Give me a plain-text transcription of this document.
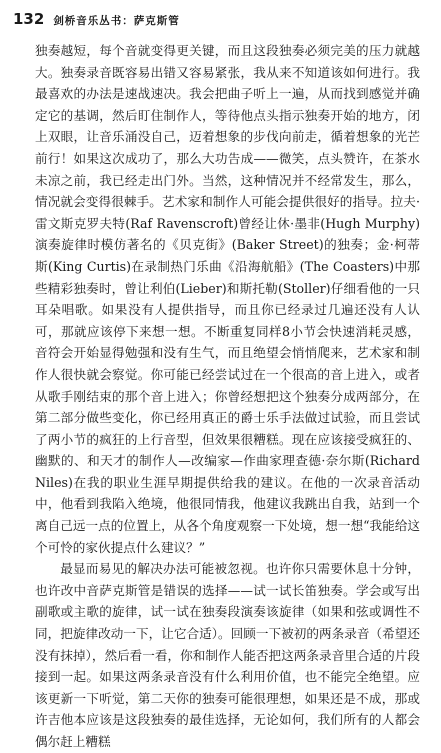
132 剑桥音乐丛书：萨克斯管

独奏越短，每个音就变得更关键，而且这段独奏必须完美的压力就越大。独奏录音既容易出错又容易紧张，我从来不知道该如何进行。我最喜欢的办法是速战速决。我会把曲子听上一遍，从而找到感觉并确定它的基调，然后盯住制作人，等待他点头指示独奏开始的地方，闭上双眼，让音乐涌没自己，迈着想象的步伐向前走，循着想象的光芒前行！如果这次成功了，那么大功告成——微笑，点头赞许，在茶水未凉之前，我已经走出门外。当然，这种情况并不经常发生，那么，情况就会变得很棘手。艺术家和制作人可能会提供很好的指导。拉夫·雷文斯克罗夫特(Raf Ravenscroft)曾经让休·墨非(Hugh Murphy)演奏旋律时模仿著名的《贝克街》(Baker Street)的独奏；金·柯蒂斯(King Curtis)在录制热门乐曲《沿海航船》(The Coasters)中那些精彩独奏时，曾让利伯(Lieber)和斯托勒(Stoller)仔细看他的一只耳朵唱歌。如果没有人提供指导，而且你已经录过几遍还没有人认可，那就应该停下来想一想。不断重复同样8小节会快速消耗灵感，音符会开始显得勉强和没有生气，而且绝望会悄悄爬来，艺术家和制作人很快就会察觉。你可能已经尝试过在一个很高的音上进入，或者从歌手刚结束的那个音上进入；你曾经想把这个独奏分成两部分，在第二部分做些变化，你已经用真正的爵士乐手法做过试验，而且尝试了两小节的疯狂的上行音型，但效果很糟糕。现在应该接受疯狂的、幽默的、和天才的制作人—改编家—作曲家理查德·奈尔斯(Richard Niles)在我的职业生涯早期提供给我的建议。在他的一次录音活动中，他看到我陷入绝境，他很同情我，他建议我跳出自我，站到一个离自己远一点的位置上，从各个角度观察一下处境，想一想“我能给这个可怜的家伙提点什么建议？”

最显而易见的解决办法可能被忽视。也许你只需要休息十分钟，也许改中音萨克斯管是错误的选择——试一试长笛独奏。学会或写出副歌或主歌的旋律，试一试在独奏段演奏该旋律（如果和弦或调性不同，把旋律改动一下，让它合适）。回顾一下被初的两条录音（希望还没有抹掉），然后看一看，你和制作人能否把这两条录音里合适的片段接到一起。如果这两条录音没有什么利用价值，也不能完全绝望。应该更新一下听觉，第二天你的独奏可能很理想，如果还是不成，那或许吉他本应该是这段独奏的最佳选择，无论如何，我们所有的人都会偶尔赶上糟糕
